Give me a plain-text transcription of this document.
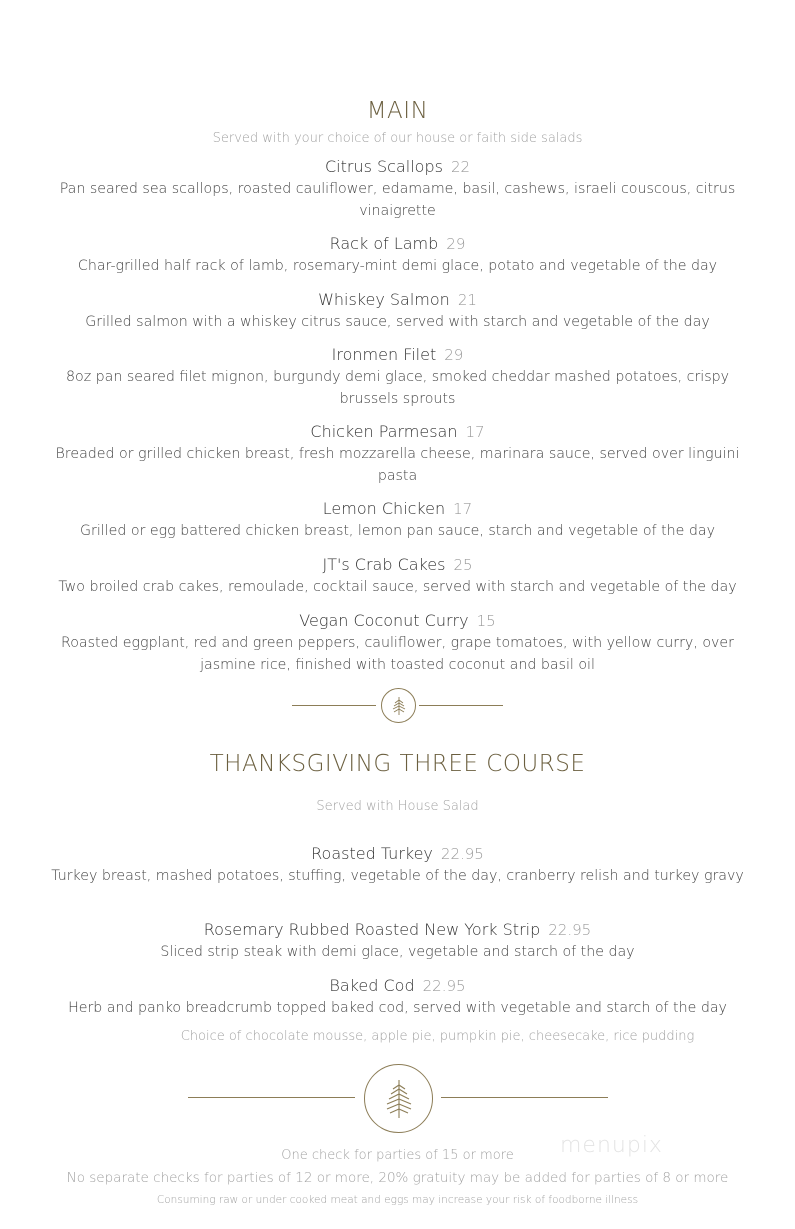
MAIN
Served with your choice of our house or faith side salads
Citrus Scallops 22
Pan seared sea scallops, roasted cauliflower, edamame, basil, cashews, israeli couscous, citrus vinaigrette
Rack of Lamb 29
Char-grilled half rack of lamb, rosemary-mint demi glace, potato and vegetable of the day
Whiskey Salmon 21
Grilled salmon with a whiskey citrus sauce, served with starch and vegetable of the day
Ironmen Filet 29
8oz pan seared filet mignon, burgundy demi glace, smoked cheddar mashed potatoes, crispy brussels sprouts
Chicken Parmesan 17
Breaded or grilled chicken breast, fresh mozzarella cheese, marinara sauce, served over linguini pasta
Lemon Chicken 17
Grilled or egg battered chicken breast, lemon pan sauce, starch and vegetable of the day
JT's Crab Cakes 25
Two broiled crab cakes, remoulade, cocktail sauce, served with starch and vegetable of the day
Vegan Coconut Curry 15
Roasted eggplant, red and green peppers, cauliflower, grape tomatoes, with yellow curry, over jasmine rice, finished with toasted coconut and basil oil
THANKSGIVING THREE COURSE
Served with House Salad
Roasted Turkey 22.95
Turkey breast, mashed potatoes, stuffing, vegetable of the day, cranberry relish and turkey gravy
Rosemary Rubbed Roasted New York Strip 22.95
Sliced strip steak with demi glace, vegetable and starch of the day
Baked Cod 22.95
Herb and panko breadcrumb topped baked cod, served with vegetable and starch of the day
Choice of chocolate mousse, apple pie, pumpkin pie, cheesecake, rice pudding
menupix
One check for parties of 15 or more
No separate checks for parties of 12 or more, 20% gratuity may be added for parties of 8 or more
Consuming raw or under cooked meat and eggs may increase your risk of foodborne illness
